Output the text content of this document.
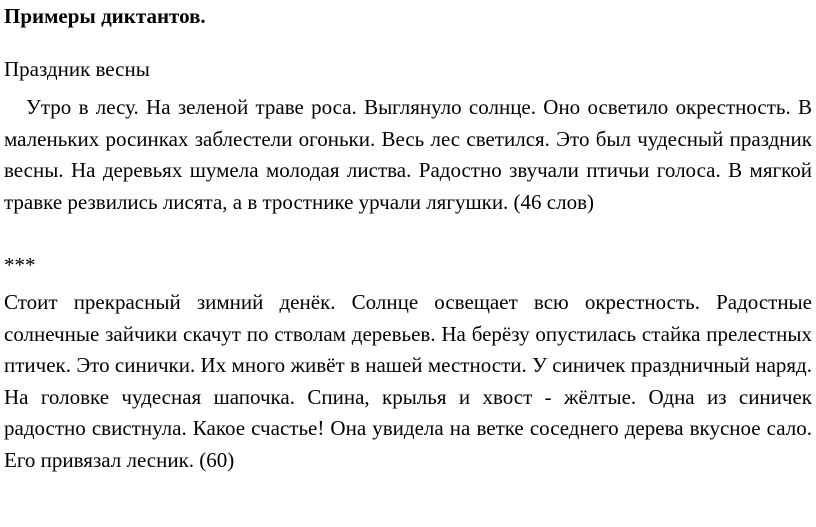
Примеры диктантов.

Праздник весны

Утро в лесу. На зеленой траве роса. Выглянуло солнце. Оно осветило окрестность. В маленьких росинках заблестели огоньки. Весь лес светился. Это был чудесный праздник весны. На деревьях шумела молодая листва. Радостно звучали птичьи голоса. В мягкой травке резвились лисята, а в тростнике урчали лягушки. (46 слов)

***

Стоит прекрасный зимний денёк. Солнце освещает всю окрестность. Радостные солнечные зайчики скачут по стволам деревьев. На берёзу опустилась стайка прелестных птичек. Это синички. Их много живёт в нашей местности. У синичек праздничный наряд. На головке чудесная шапочка. Спина, крылья и хвост - жёлтые. Одна из синичек радостно свистнула. Какое счастье! Она увидела на ветке соседнего дерева вкусное сало. Его привязал лесник. (60)
